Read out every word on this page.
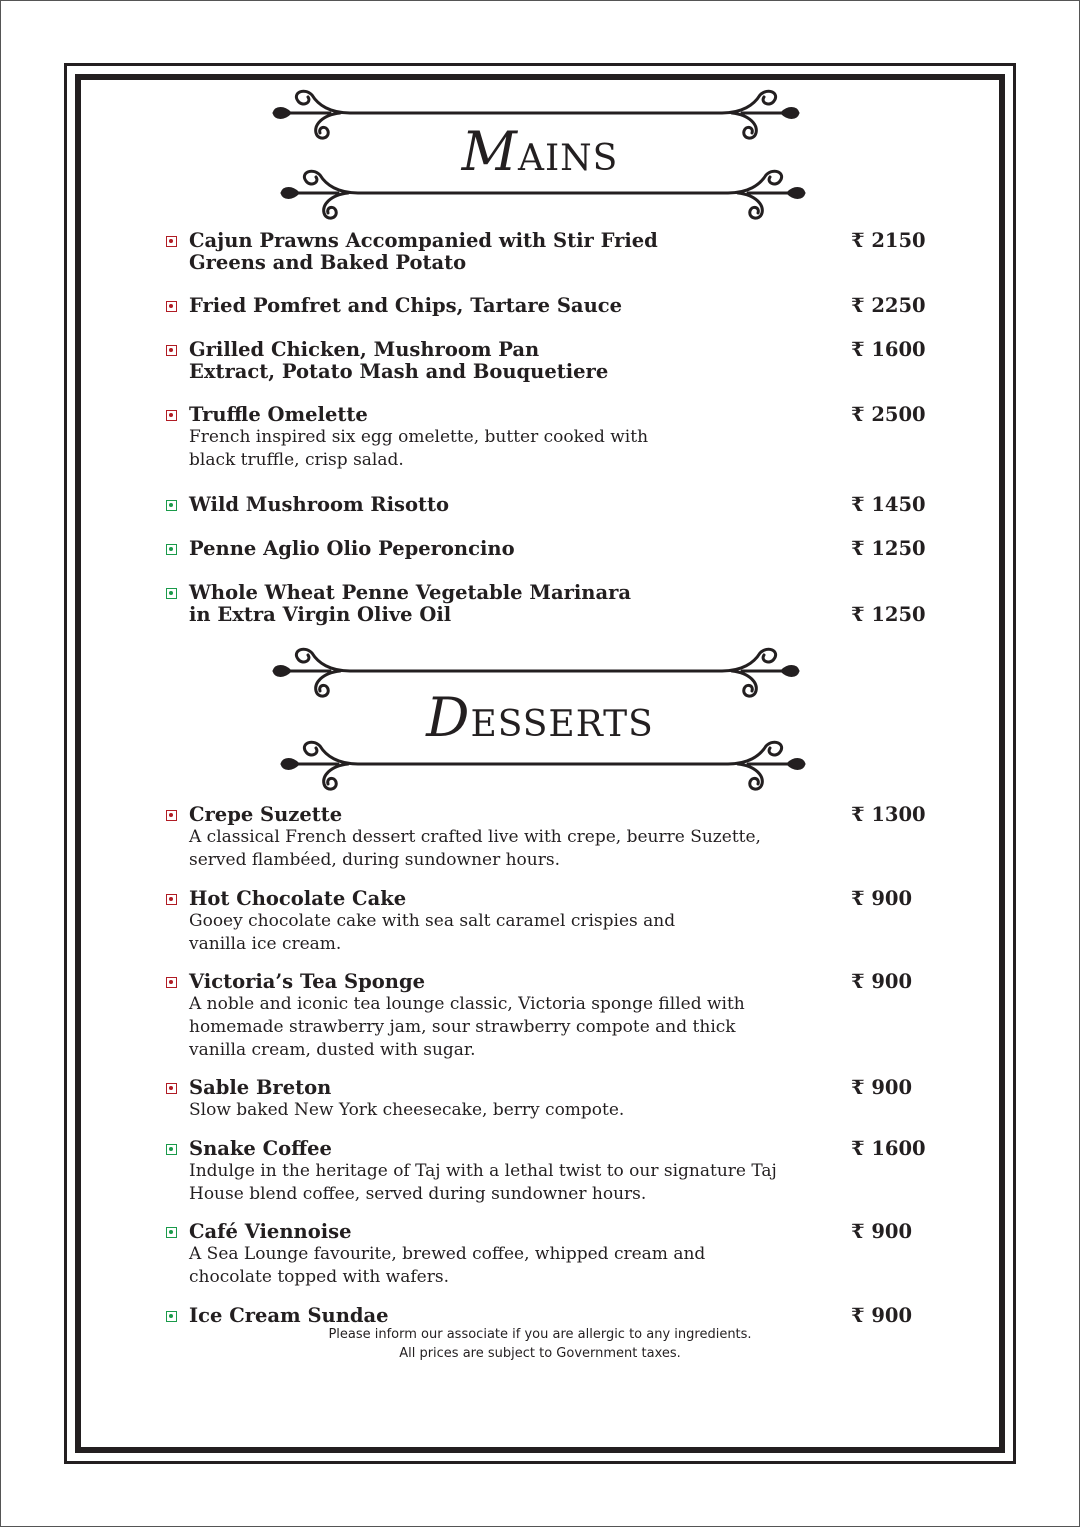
MAINS
Cajun Prawns Accompanied with Stir Fried Greens and Baked Potato
₹ 2150
Fried Pomfret and Chips, Tartare Sauce	₹ 2250
Grilled Chicken, Mushroom Pan Extract, Potato Mash and Bouquetiere
₹ 1600
Truffle Omelette
French inspired six egg omelette, butter cooked with black truffle, crisp salad.
₹ 2500
Wild Mushroom Risotto	₹ 1450
Penne Aglio Olio Peperoncino	₹ 1250
Whole Wheat Penne Vegetable Marinara in Extra Virgin Olive Oil	₹ 1250
DESSERTS
Crepe Suzette
A classical French dessert crafted live with crepe, beurre Suzette, served flambéed, during sundowner hours.
₹ 1300
Hot Chocolate Cake
Gooey chocolate cake with sea salt caramel crispies and vanilla ice cream.
₹ 900
Victoria’s Tea Sponge
A noble and iconic tea lounge classic, Victoria sponge filled with homemade strawberry jam, sour strawberry compote and thick vanilla cream, dusted with sugar.
₹ 900
Sable Breton
Slow baked New York cheesecake, berry compote.
₹ 900
Snake Coffee
Indulge in the heritage of Taj with a lethal twist to our signature Taj House blend coffee, served during sundowner hours.
₹ 1600
Café Viennoise
A Sea Lounge favourite, brewed coffee, whipped cream and chocolate topped with wafers.
₹ 900
Ice Cream Sundae	₹ 900
Please inform our associate if you are allergic to any ingredients.
All prices are subject to Government taxes.
